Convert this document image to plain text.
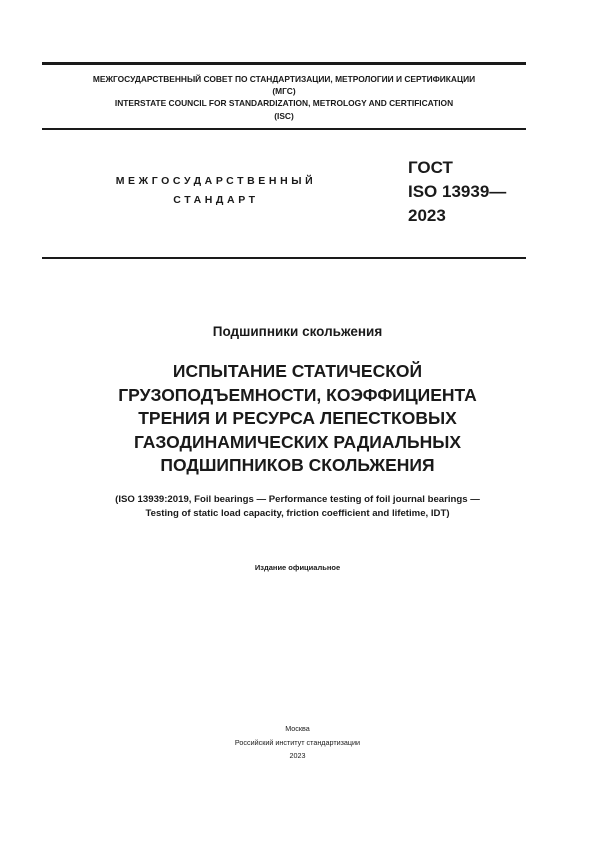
МЕЖГОСУДАРСТВЕННЫЙ СОВЕТ ПО СТАНДАРТИЗАЦИИ, МЕТРОЛОГИИ И СЕРТИФИКАЦИИ
(МГС)
INTERSTATE COUNCIL FOR STANDARDIZATION, METROLOGY AND CERTIFICATION
(ISC)
МЕЖГОСУДАРСТВЕННЫЙ
СТАНДАРТ
ГОСТ
ISO 13939—
2023
Подшипники скольжения
ИСПЫТАНИЕ СТАТИЧЕСКОЙ
ГРУЗОПОДЪЕМНОСТИ, КОЭФФИЦИЕНТА
ТРЕНИЯ И РЕСУРСА ЛЕПЕСТКОВЫХ
ГАЗОДИНАМИЧЕСКИХ РАДИАЛЬНЫХ
ПОДШИПНИКОВ СКОЛЬЖЕНИЯ
(ISO 13939:2019, Foil bearings — Performance testing of foil journal bearings —
Testing of static load capacity, friction coefficient and lifetime, IDT)
Издание официальное
Москва
Российский институт стандартизации
2023
